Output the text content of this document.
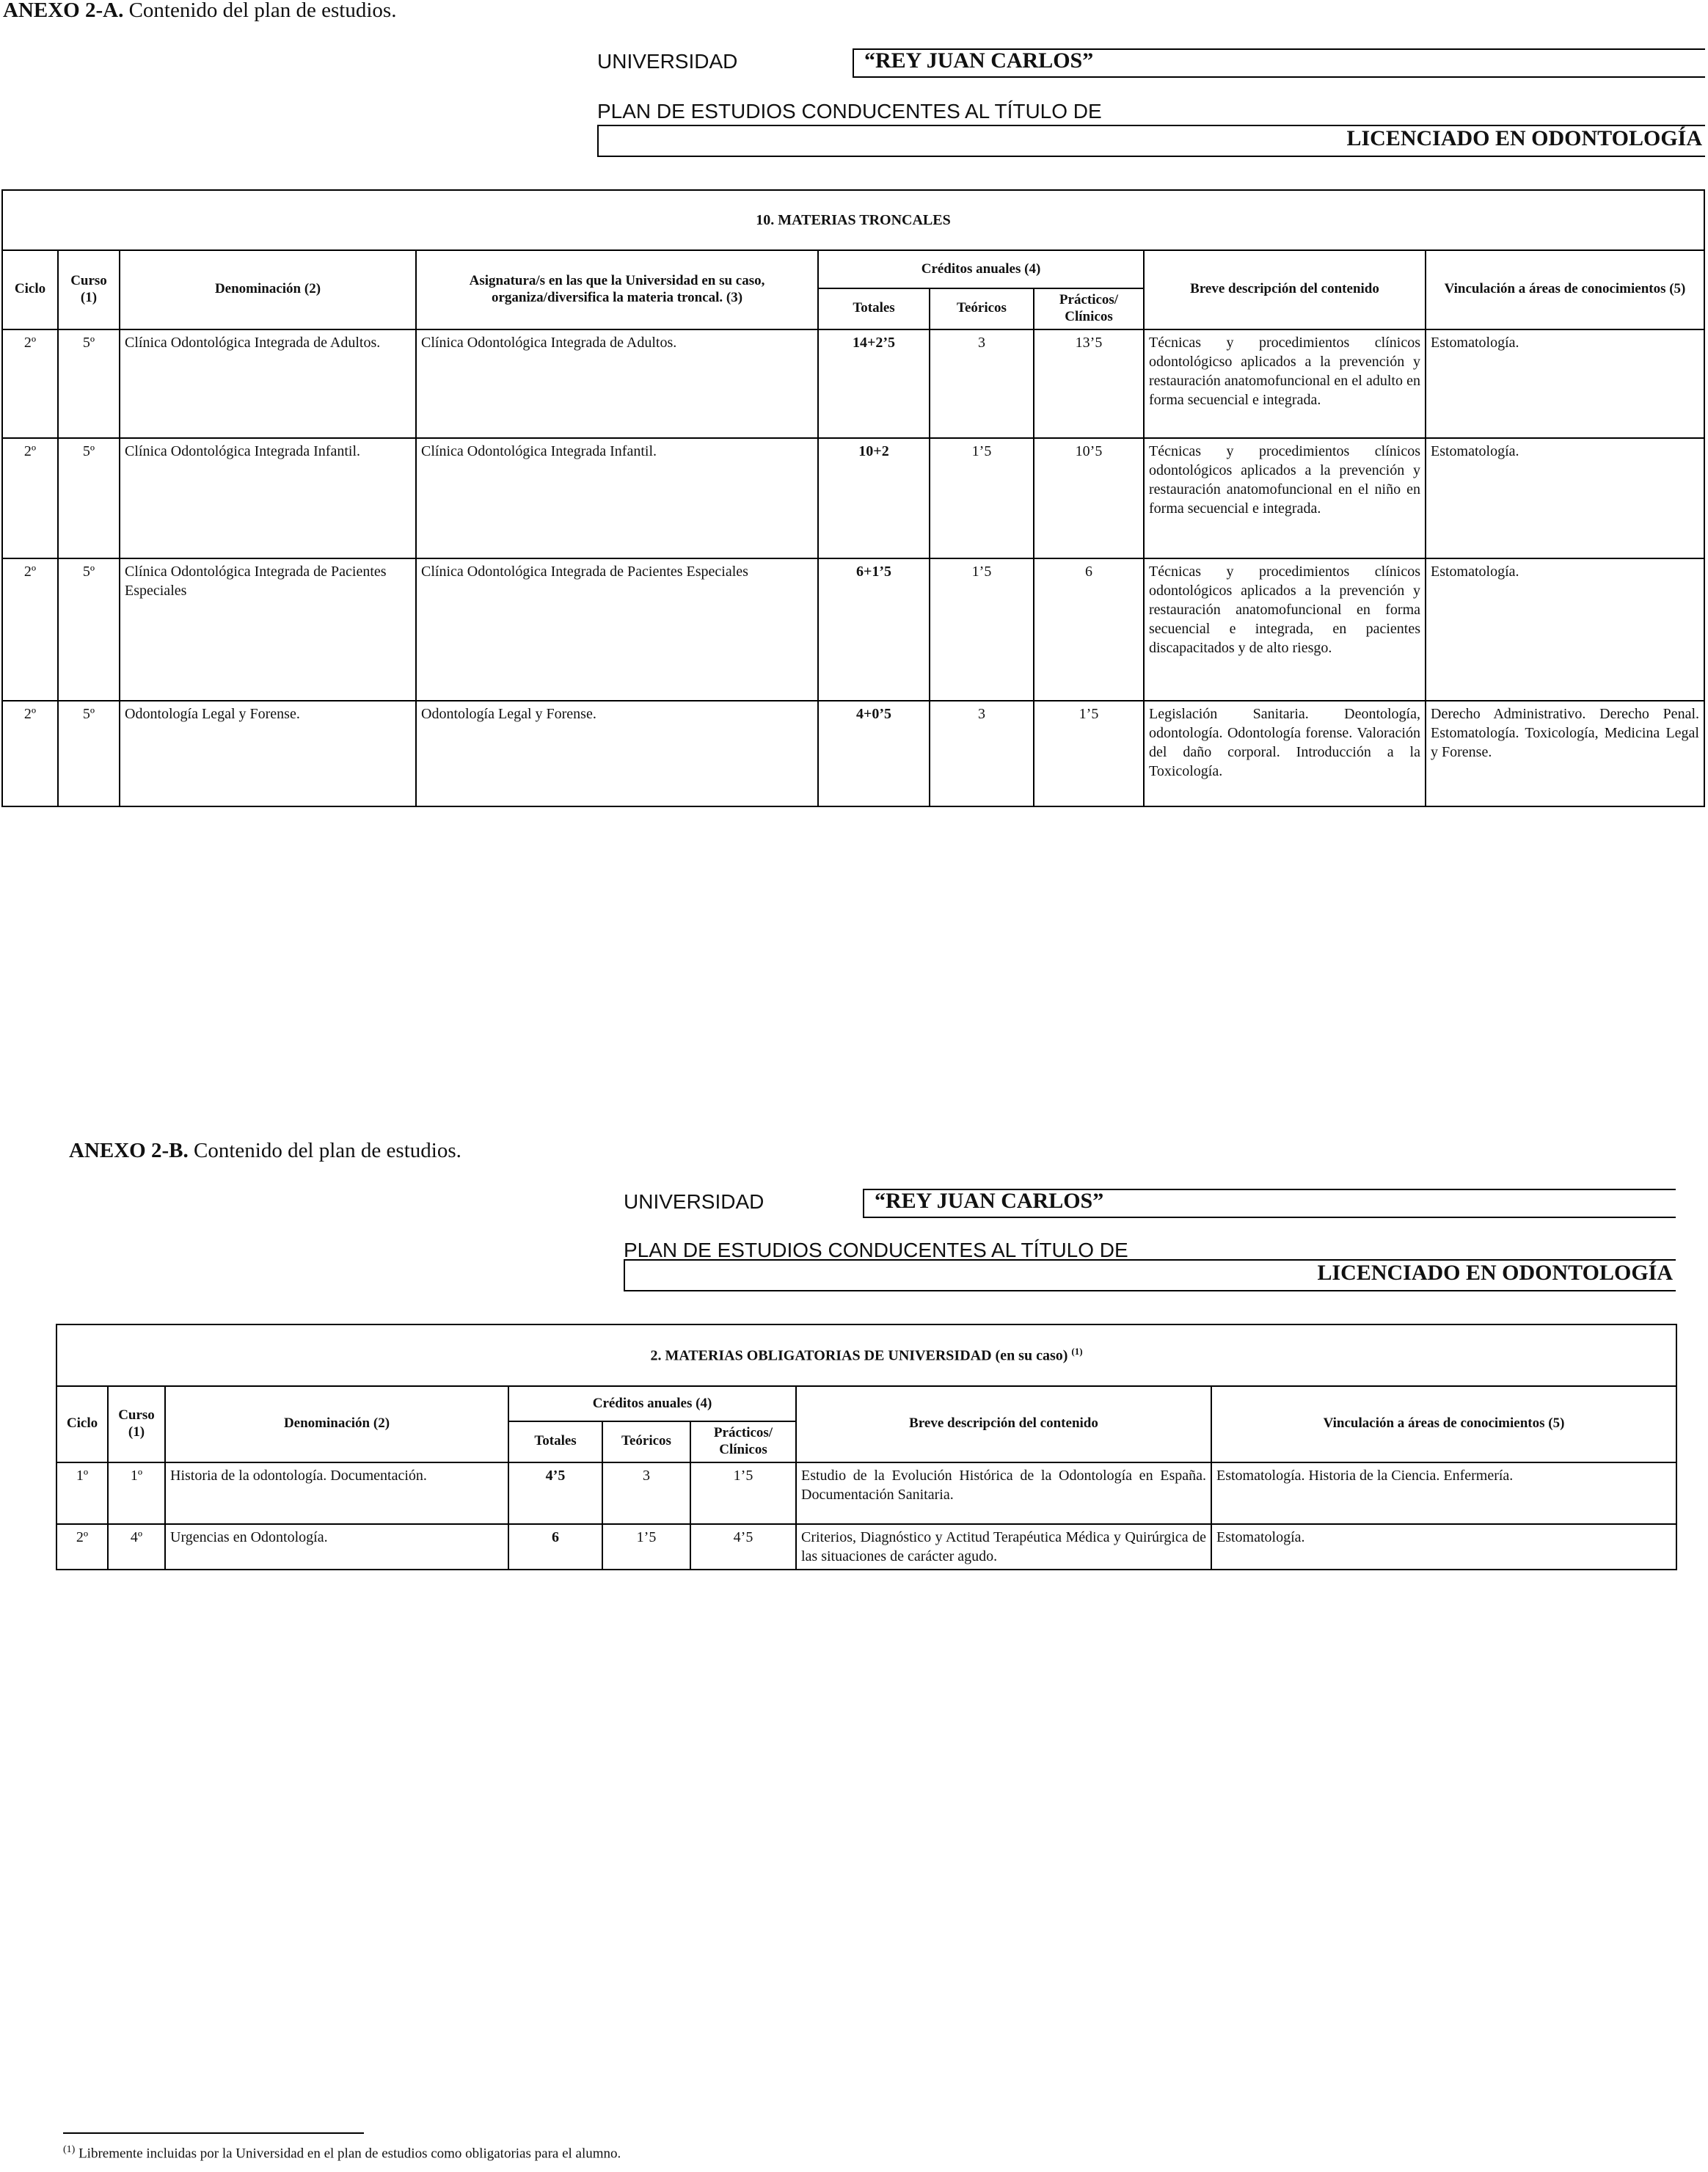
ANEXO 2-A. Contenido del plan de estudios.
UNIVERSIDAD	“REY JUAN CARLOS”
PLAN DE ESTUDIOS CONDUCENTES AL TÍTULO DE
LICENCIADO EN ODONTOLOGÍA
10. MATERIAS TRONCALES								
Ciclo	Curso (1)	Denominación (2)	Asignatura/s en las que la Universidad en su caso, organiza/diversifica la materia troncal. (3)	Créditos anuales (4)			Breve descripción del contenido	Vinculación a áreas de conocimientos (5)
				Totales	Teóricos	Prácticos/ Clínicos		
2º	5º	Clínica Odontológica Integrada de Adultos.	Clínica Odontológica Integrada de Adultos.	14+2’5	3	13’5	Técnicas y procedimientos clínicos odontológicso aplicados a la prevención y restauración anatomofuncional en el adulto en forma secuencial e integrada.	Estomatología.
2º	5º	Clínica Odontológica Integrada Infantil.	Clínica Odontológica Integrada Infantil.	10+2	1’5	10’5	Técnicas y procedimientos clínicos odontológicos aplicados a la prevención y restauración anatomofuncional en el niño en forma secuencial e integrada.	Estomatología.
2º	5º	Clínica Odontológica Integrada de Pacientes Especiales	Clínica Odontológica Integrada de Pacientes Especiales	6+1’5	1’5	6	Técnicas y procedimientos clínicos odontológicos aplicados a la prevención y restauración anatomofuncional en forma secuencial e integrada, en pacientes discapacitados y de alto riesgo.	Estomatología.
2º	5º	Odontología Legal y Forense.	Odontología Legal y Forense.	4+0’5	3	1’5	Legislación Sanitaria. Deontología, odontología. Odontología forense. Valoración del daño corporal. Introducción a la Toxicología.	Derecho Administrativo. Derecho Penal. Estomatología. Toxicología, Medicina Legal y Forense.
ANEXO 2-B. Contenido del plan de estudios.
UNIVERSIDAD	“REY JUAN CARLOS”
PLAN DE ESTUDIOS CONDUCENTES AL TÍTULO DE
LICENCIADO EN ODONTOLOGÍA
2. MATERIAS OBLIGATORIAS DE UNIVERSIDAD (en su caso) $^{(1)}$
Ciclo	Curso (1)	Denominación (2)	Créditos anuales (4)			Breve descripción del contenido	Vinculación a áreas de conocimientos (5)
			Totales	Teóricos	Prácticos/ Clínicos		
1º	1º	Historia de la odontología. Documentación.	4’5	3	1’5	Estudio de la Evolución Histórica de la Odontología en España. Documentación Sanitaria.	Estomatología. Historia de la Ciencia. Enfermería.
2º	4º	Urgencias en Odontología.	6	1’5	4’5	Criterios, Diagnóstico y Actitud Terapéutica Médica y Quirúrgica de las situaciones de carácter agudo.	Estomatología.
$^{(1)}$ Libremente incluidas por la Universidad en el plan de estudios como obligatorias para el alumno.
